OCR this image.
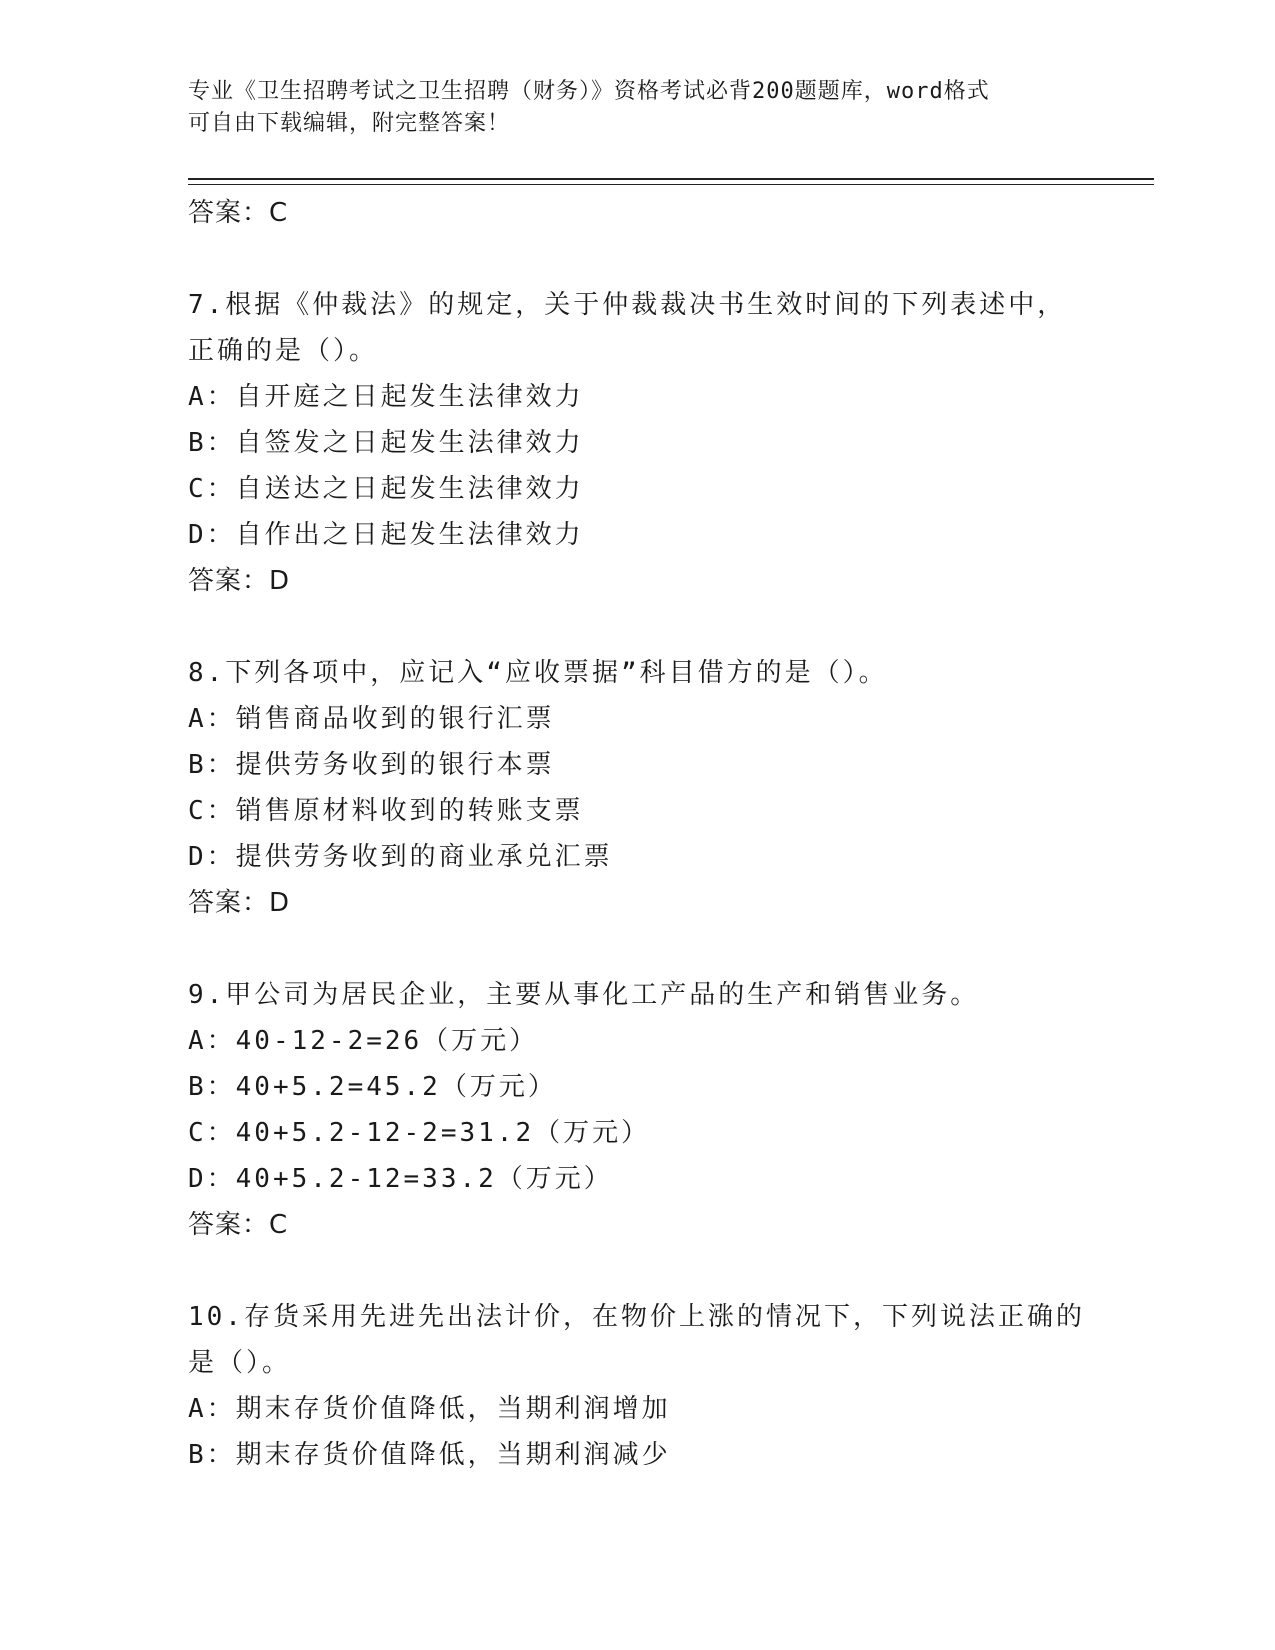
专业《卫生招聘考试之卫生招聘（财务）》资格考试必背200题题库，word格式
可自由下载编辑，附完整答案！
答案：C
7.根据《仲裁法》的规定，关于仲裁裁决书生效时间的下列表述中，
正确的是（）。
A：自开庭之日起发生法律效力
B：自签发之日起发生法律效力
C：自送达之日起发生法律效力
D：自作出之日起发生法律效力
答案：D
8.下列各项中，应记入“应收票据”科目借方的是（）。
A：销售商品收到的银行汇票
B：提供劳务收到的银行本票
C：销售原材料收到的转账支票
D：提供劳务收到的商业承兑汇票
答案：D
9.甲公司为居民企业，主要从事化工产品的生产和销售业务。
A：40-12-2=26（万元）
B：40+5.2=45.2（万元）
C：40+5.2-12-2=31.2（万元）
D：40+5.2-12=33.2（万元）
答案：C
10.存货采用先进先出法计价，在物价上涨的情况下，下列说法正确的
是（）。
A：期末存货价值降低，当期利润增加
B：期末存货价值降低，当期利润减少
